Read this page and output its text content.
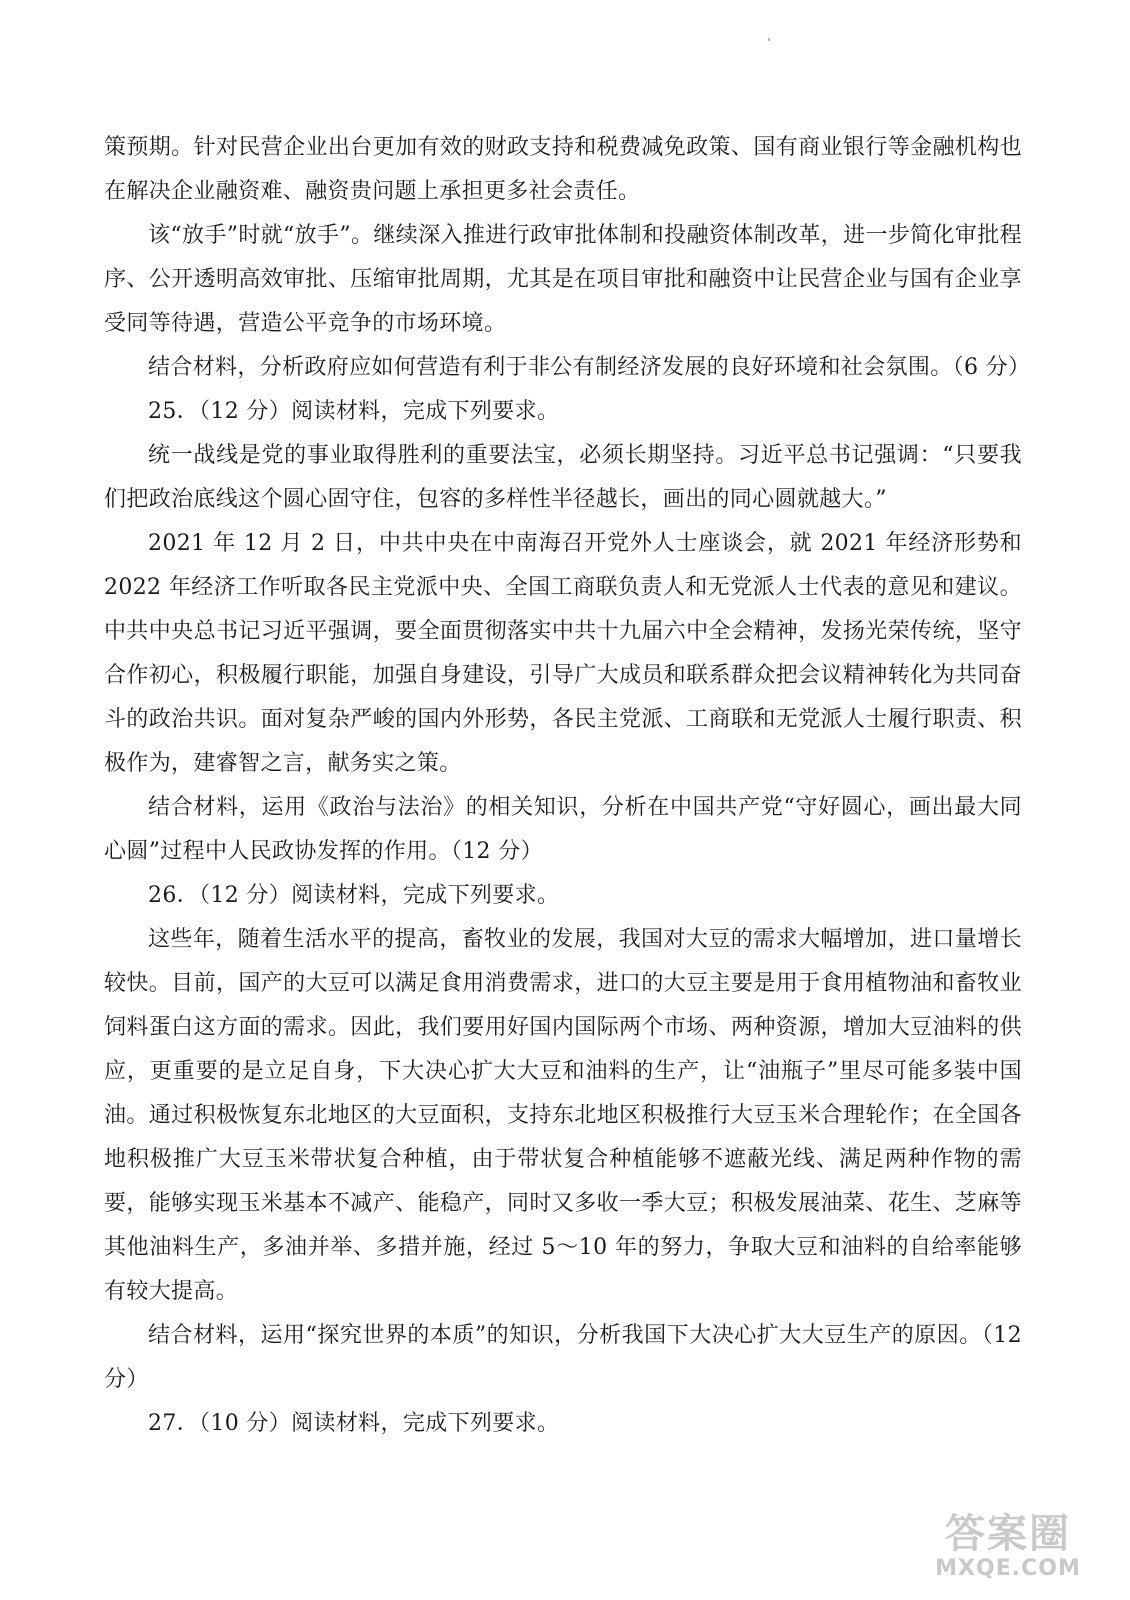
策预期。针对民营企业出台更加有效的财政支持和税费减免政策、国有商业银行等金融机构也在解决企业融资难、融资贵问题上承担更多社会责任。

该“放手”时就“放手”。继续深入推进行政审批体制和投融资体制改革，进一步简化审批程序、公开透明高效审批、压缩审批周期，尤其是在项目审批和融资中让民营企业与国有企业享受同等待遇，营造公平竞争的市场环境。

结合材料，分析政府应如何营造有利于非公有制经济发展的良好环境和社会氛围。（6 分）

25．（12 分）阅读材料，完成下列要求。

统一战线是党的事业取得胜利的重要法宝，必须长期坚持。习近平总书记强调：“只要我们把政治底线这个圆心固守住，包容的多样性半径越长，画出的同心圆就越大。”

2021 年 12 月 2 日，中共中央在中南海召开党外人士座谈会，就 2021 年经济形势和 2022 年经济工作听取各民主党派中央、全国工商联负责人和无党派人士代表的意见和建议。中共中央总书记习近平强调，要全面贯彻落实中共十九届六中全会精神，发扬光荣传统，坚守合作初心，积极履行职能，加强自身建设，引导广大成员和联系群众把会议精神转化为共同奋斗的政治共识。面对复杂严峻的国内外形势，各民主党派、工商联和无党派人士履行职责、积极作为，建睿智之言，献务实之策。

结合材料，运用《政治与法治》的相关知识，分析在中国共产党“守好圆心，画出最大同心圆”过程中人民政协发挥的作用。（12 分）

26．（12 分）阅读材料，完成下列要求。

这些年，随着生活水平的提高，畜牧业的发展，我国对大豆的需求大幅增加，进口量增长较快。目前，国产的大豆可以满足食用消费需求，进口的大豆主要是用于食用植物油和畜牧业饲料蛋白这方面的需求。因此，我们要用好国内国际两个市场、两种资源，增加大豆油料的供应，更重要的是立足自身，下大决心扩大大豆和油料的生产，让“油瓶子”里尽可能多装中国油。通过积极恢复东北地区的大豆面积，支持东北地区积极推行大豆玉米合理轮作；在全国各地积极推广大豆玉米带状复合种植，由于带状复合种植能够不遮蔽光线、满足两种作物的需要，能够实现玉米基本不减产、能稳产，同时又多收一季大豆；积极发展油菜、花生、芝麻等其他油料生产，多油并举、多措并施，经过 5～10 年的努力，争取大豆和油料的自给率能够有较大提高。

结合材料，运用“探究世界的本质”的知识，分析我国下大决心扩大大豆生产的原因。（12 分）

27．（10 分）阅读材料，完成下列要求。

答案圈
MXQE.COM
